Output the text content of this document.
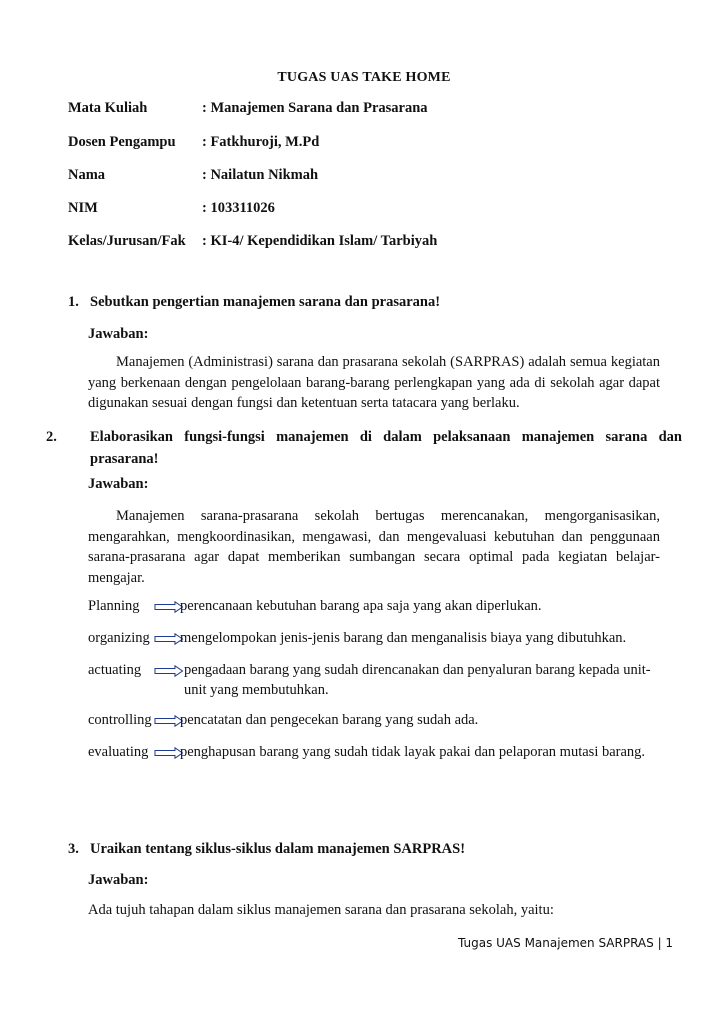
TUGAS UAS TAKE HOME
Mata Kuliah	: Manajemen Sarana dan Prasarana
Dosen Pengampu : Fatkhuroji, M.Pd
Nama	: Nailatun Nikmah
NIM	: 103311026
Kelas/Jurusan/Fak : KI-4/ Kependidikan Islam/ Tarbiyah
1. Sebutkan pengertian manajemen sarana dan prasarana!
Jawaban:
Manajemen (Administrasi) sarana dan prasarana sekolah (SARPRAS) adalah semua kegiatan yang berkenaan dengan pengelolaan barang-barang perlengkapan yang ada di sekolah agar dapat digunakan sesuai dengan fungsi dan ketentuan serta tatacara yang berlaku.
2. Elaborasikan fungsi-fungsi manajemen di dalam pelaksanaan manajemen sarana dan prasarana!
Jawaban:
Manajemen sarana-prasarana sekolah bertugas merencanakan, mengorganisasikan, mengarahkan, mengkoordinasikan, mengawasi, dan mengevaluasi kebutuhan dan penggunaan sarana-prasarana agar dapat memberikan sumbangan secara optimal pada kegiatan belajar-mengajar.
Planning	perencanaan kebutuhan barang apa saja yang akan diperlukan.
organizing mengelompokan jenis-jenis barang dan menganalisis biaya yang dibutuhkan.
actuating	pengadaan barang yang sudah direncanakan dan penyaluran barang kepada unit-unit yang membutuhkan.
controlling pencatatan dan pengecekan barang yang sudah ada.
evaluating penghapusan barang yang sudah tidak layak pakai dan pelaporan mutasi barang.
3. Uraikan tentang siklus-siklus dalam manajemen SARPRAS!
Jawaban:
Ada tujuh tahapan dalam siklus manajemen sarana dan prasarana sekolah, yaitu:
Tugas UAS Manajemen SARPRAS | 1
